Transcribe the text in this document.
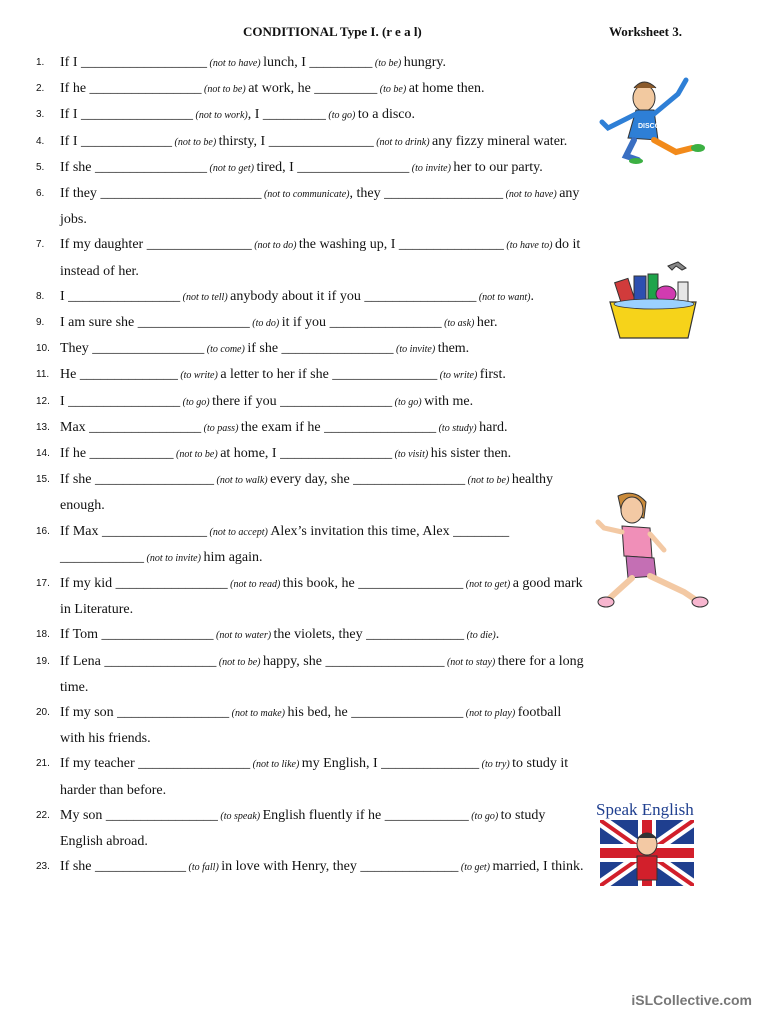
CONDITIONAL Type I. (r e a l)	Worksheet 3.
1. If I __________________ (not to have) lunch, I _________ (to be) hungry.
2. If he ________________ (not to be) at work, he _________ (to be) at home then.
3. If I ________________ (not to work), I _________ (to go) to a disco.
4. If I _____________ (not to be) thirsty, I _______________ (not to drink) any fizzy mineral water.
5. If she ________________ (not to get) tired, I ________________ (to invite) her to our party.
6. If they _______________________ (not to communicate), they _________________ (not to have) any jobs.
7. If my daughter _______________ (not to do) the washing up, I _______________ (to have to) do it instead of her.
8. I ________________ (not to tell) anybody about it if you ________________ (not to want).
9. I am sure she ________________ (to do) it if you ________________ (to ask) her.
10. They ________________ (to come) if she ________________ (to invite) them.
11. He ______________ (to write) a letter to her if she _______________ (to write) first.
12. I ________________ (to go) there if you ________________ (to go) with me.
13. Max ________________ (to pass) the exam if he ________________ (to study) hard.
14. If he ____________ (not to be) at home, I ________________ (to visit) his sister then.
15. If she _________________ (not to walk) every day, she ________________ (not to be) healthy enough.
16. If Max _______________ (not to accept) Alex’s invitation this time, Alex ________ ____________ (not to invite) him again.
17. If my kid ________________ (not to read) this book, he _______________ (not to get) a good mark in Literature.
18. If Tom ________________ (not to water) the violets, they ______________ (to die).
19. If Lena ________________ (not to be) happy, she _________________ (not to stay) there for a long time.
20. If my son ________________ (not to make) his bed, he ________________ (not to play) football with his friends.
21. If my teacher ________________ (not to like) my English, I ______________ (to try) to study it harder than before.
22. My son ________________ (to speak) English fluently if he ____________ (to go) to study English abroad.
23. If she _____________ (to fall) in love with Henry, they ______________ (to get) married, I think.
DISCO
Speak English
iSLCollective.com
